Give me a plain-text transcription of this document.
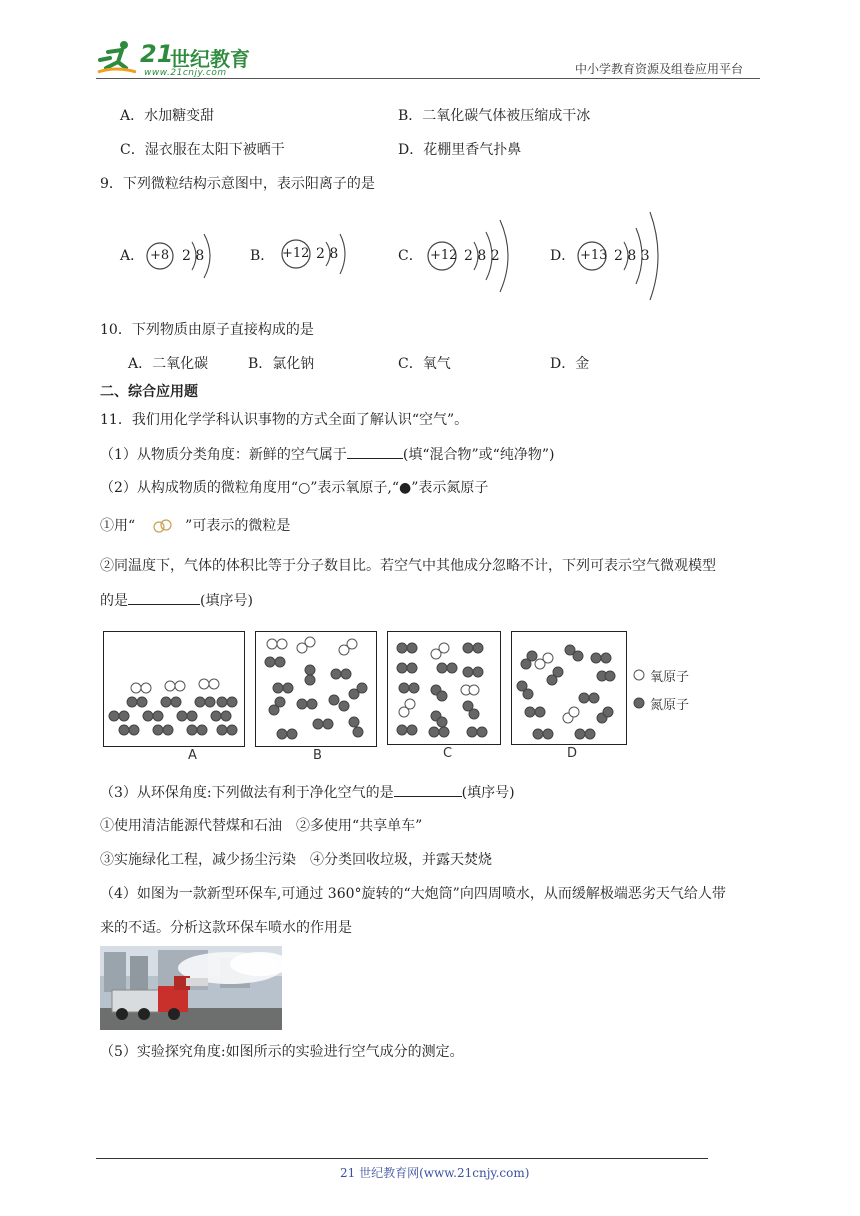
21
世纪教育
www.21cnjy.com	中小学教育资源及组卷应用平台
A．水加糖变甜	B．二氧化碳气体被压缩成干冰
C．湿衣服在太阳下被晒干	D．花棚里香气扑鼻
9．下列微粒结构示意图中，表示阳离子的是
A． +8 2 8	B． +12 2 8	C． +12 2 8 2	D． +13 2 8 3
10．下列物质由原子直接构成的是
A．二氧化碳	B．氯化钠	C．氧气	D．金
二、综合应用题
11．我们用化学学科认识事物的方式全面了解认识“空气”。
（1）从物质分类角度：新鲜的空气属于	(填“混合物”或“纯净物”)
（2）从构成物质的微粒角度用“○”表示氧原子,“●”表示氮原子
①用“	”可表示的微粒是
②同温度下，气体的体积比等于分子数目比。若空气中其他成分忽略不计，下列可表示空气微观模型
的是	(填序号)
A	B	C	D
氧原子
氮原子
（3）从环保角度:下列做法有利于净化空气的是	(填序号)
①使用清洁能源代替煤和石油　②多使用“共享单车”
③实施绿化工程，减少扬尘污染　④分类回收垃圾，并露天焚烧
（4）如图为一款新型环保车,可通过 360°旋转的“大炮筒”向四周喷水，从而缓解极端恶劣天气给人带
来的不适。分析这款环保车喷水的作用是
（5）实验探究角度:如图所示的实验进行空气成分的测定。
21 世纪教育网(www.21cnjy.com)
